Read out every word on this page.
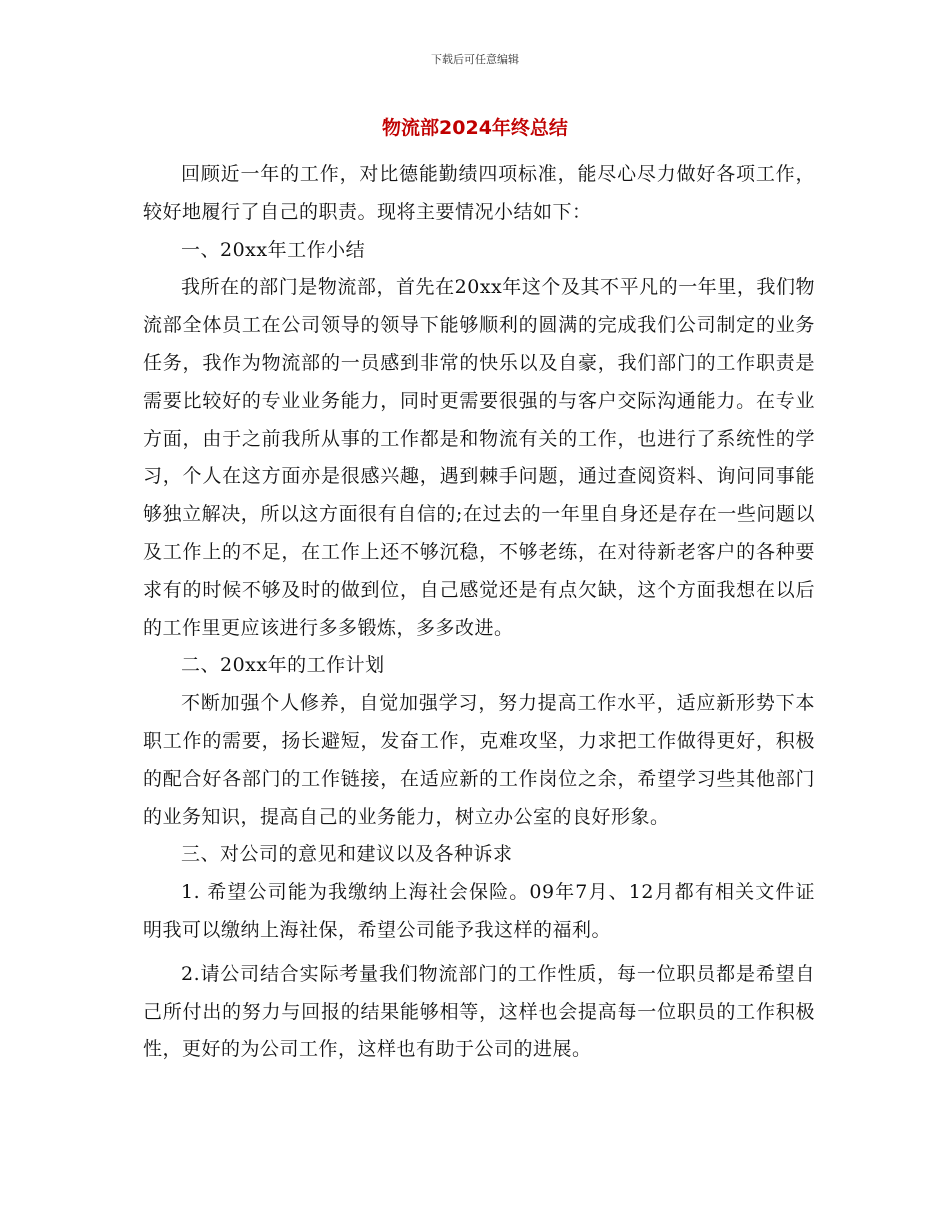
下载后可任意编辑
物流部2024年终总结

回顾近一年的工作，对比德能勤绩四项标准，能尽心尽力做好各项工作，较好地履行了自己的职责。现将主要情况小结如下：

一、20xx年工作小结

我所在的部门是物流部，首先在20xx年这个及其不平凡的一年里，我们物流部全体员工在公司领导的领导下能够顺利的圆满的完成我们公司制定的业务任务，我作为物流部的一员感到非常的快乐以及自豪，我们部门的工作职责是需要比较好的专业业务能力，同时更需要很强的与客户交际沟通能力。在专业方面，由于之前我所从事的工作都是和物流有关的工作，也进行了系统性的学习，个人在这方面亦是很感兴趣，遇到棘手问题，通过查阅资料、询问同事能够独立解决，所以这方面很有自信的;在过去的一年里自身还是存在一些问题以及工作上的不足，在工作上还不够沉稳，不够老练，在对待新老客户的各种要求有的时候不够及时的做到位，自己感觉还是有点欠缺，这个方面我想在以后的工作里更应该进行多多锻炼，多多改进。

二、20xx年的工作计划

不断加强个人修养，自觉加强学习，努力提高工作水平，适应新形势下本职工作的需要，扬长避短，发奋工作，克难攻坚，力求把工作做得更好，积极的配合好各部门的工作链接，在适应新的工作岗位之余，希望学习些其他部门的业务知识，提高自己的业务能力，树立办公室的良好形象。

三、对公司的意见和建议以及各种诉求

1. 希望公司能为我缴纳上海社会保险。09年7月、12月都有相关文件证明我可以缴纳上海社保，希望公司能予我这样的福利。

2.请公司结合实际考量我们物流部门的工作性质，每一位职员都是希望自己所付出的努力与回报的结果能够相等，这样也会提高每一位职员的工作积极性，更好的为公司工作，这样也有助于公司的进展。
